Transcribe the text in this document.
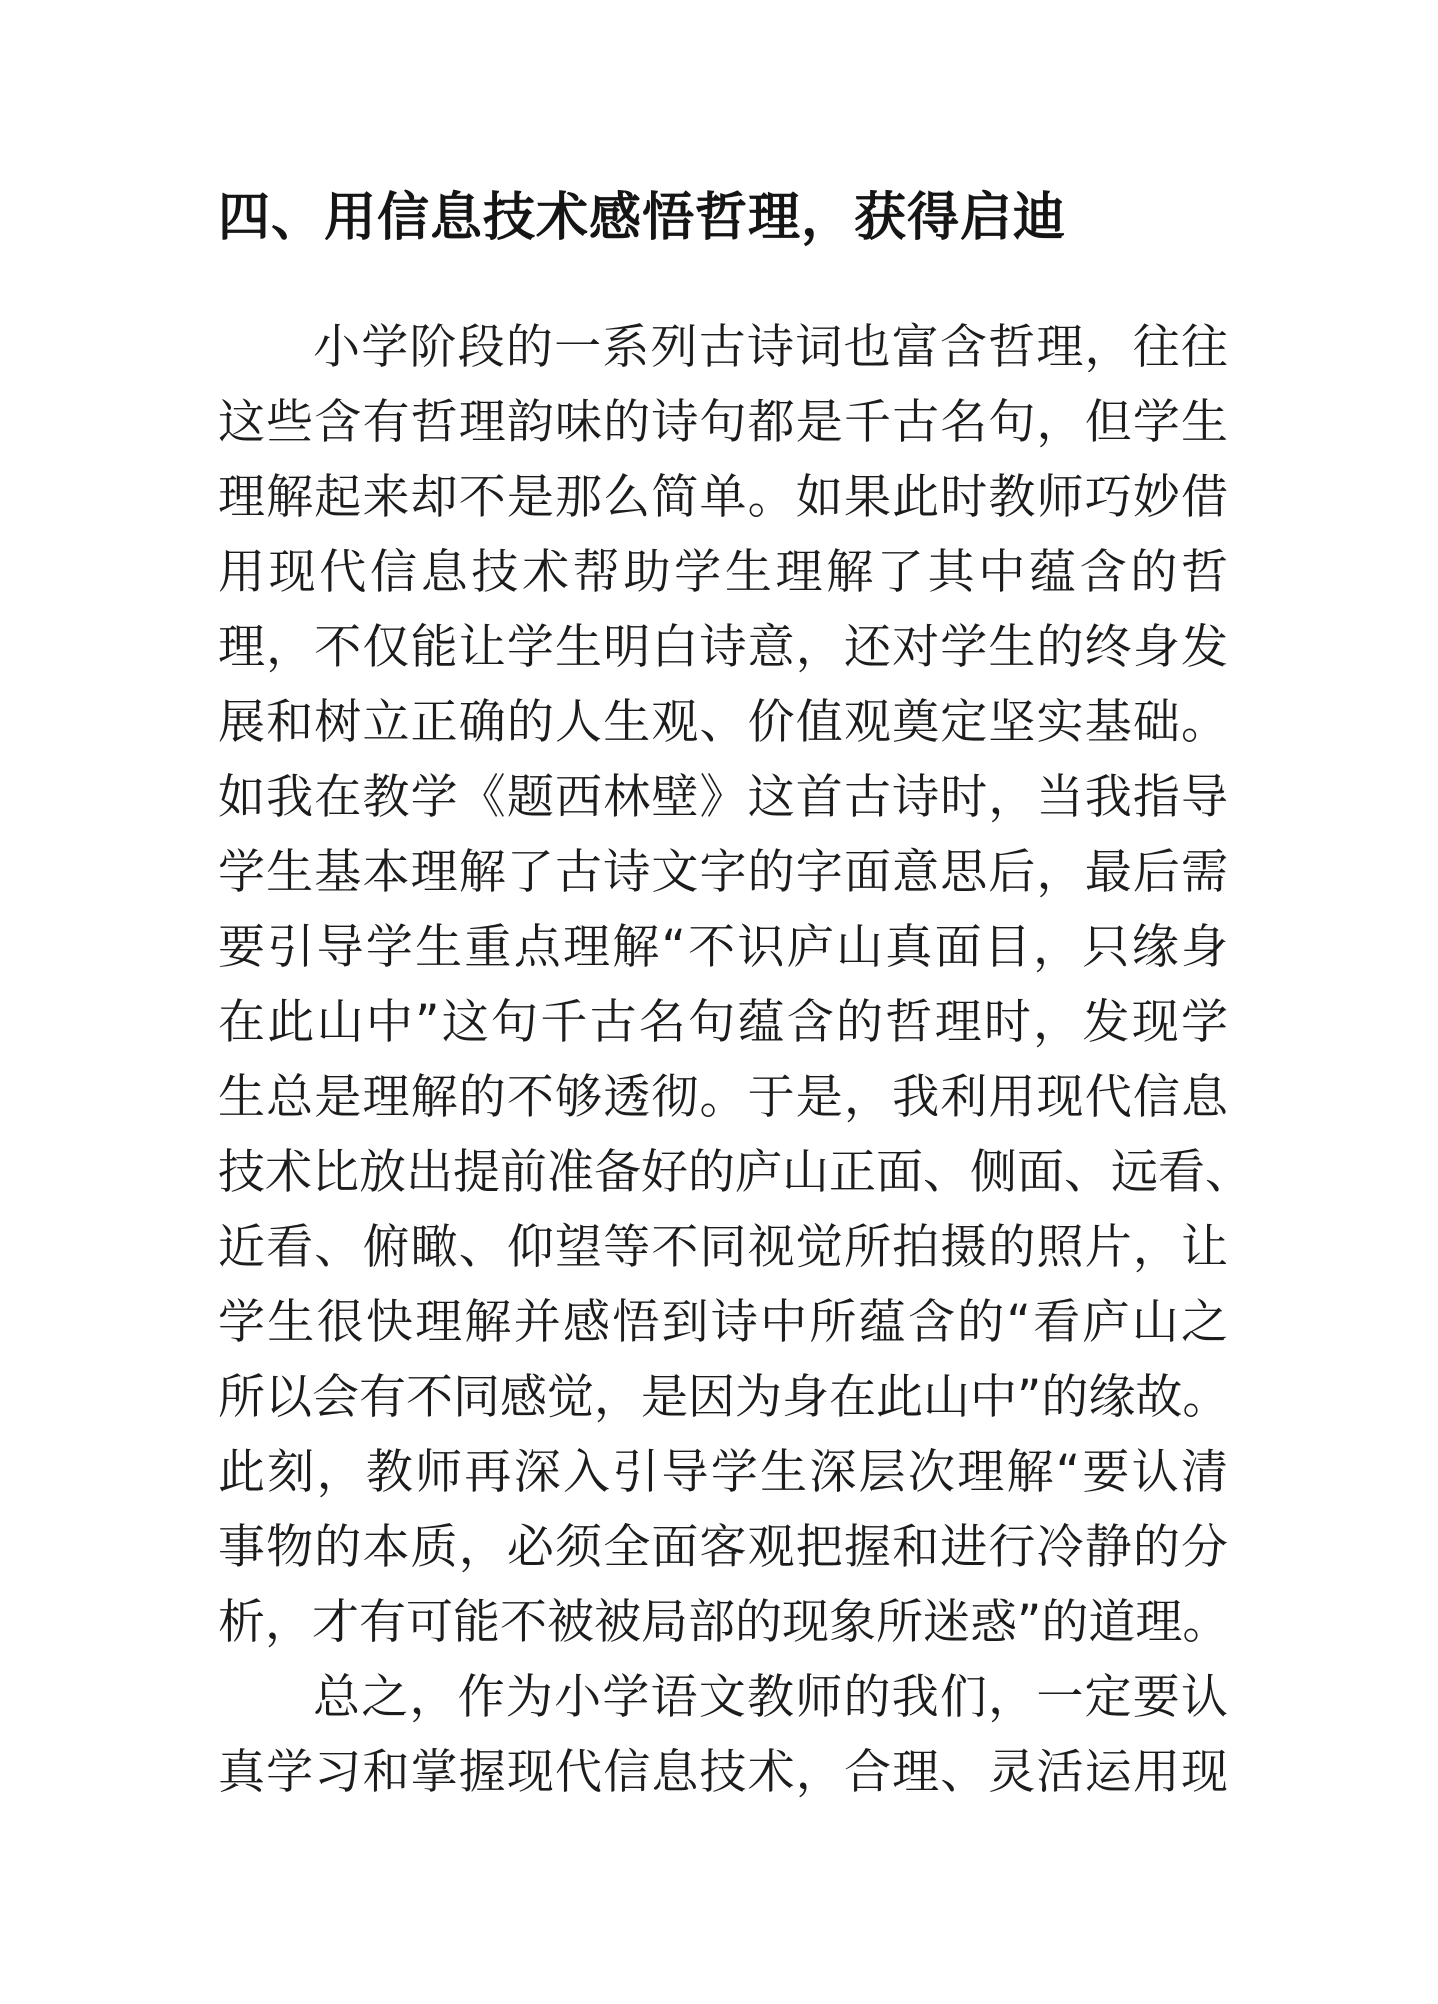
四、用信息技术感悟哲理，获得启迪
小学阶段的一系列古诗词也富含哲理，往往
这些含有哲理韵味的诗句都是千古名句，但学生
理解起来却不是那么简单。如果此时教师巧妙借
用现代信息技术帮助学生理解了其中蕴含的哲
理，不仅能让学生明白诗意，还对学生的终身发
展和树立正确的人生观、价值观奠定坚实基础。
如我在教学《题西林壁》这首古诗时，当我指导
学生基本理解了古诗文字的字面意思后，最后需
要引导学生重点理解“不识庐山真面目，只缘身
在此山中”这句千古名句蕴含的哲理时，发现学
生总是理解的不够透彻。于是，我利用现代信息
技术比放出提前准备好的庐山正面、侧面、远看、
近看、俯瞰、仰望等不同视觉所拍摄的照片，让
学生很快理解并感悟到诗中所蕴含的“看庐山之
所以会有不同感觉，是因为身在此山中”的缘故。
此刻，教师再深入引导学生深层次理解“要认清
事物的本质，必须全面客观把握和进行冷静的分
析，才有可能不被被局部的现象所迷惑”的道理。
总之，作为小学语文教师的我们，一定要认
真学习和掌握现代信息技术，合理、灵活运用现
